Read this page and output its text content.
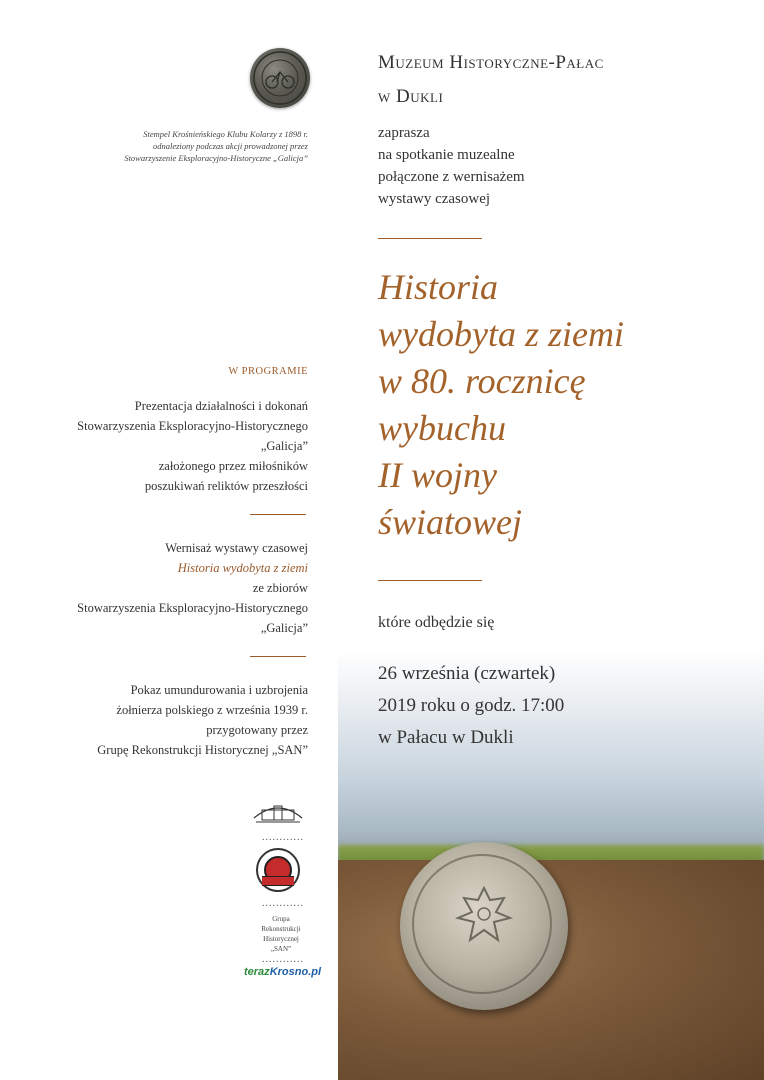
Stempel Krośnieńskiego Klubu Kolarzy z 1898 r.
odnaleziony podczas akcji prowadzonej przez
Stowarzyszenie Eksploracyjno-Historyczne „Galicja”
W PROGRAMIE
Prezentacja działalności i dokonań
Stowarzyszenia Eksploracyjno-Historycznego
„Galicja”
założonego przez miłośników
poszukiwań reliktów przeszłości
Wernisaż wystawy czasowej
Historia wydobyta z ziemi
ze zbiorów
Stowarzyszenia Eksploracyjno-Historycznego
„Galicja”
Pokaz umundurowania i uzbrojenia
żołnierza polskiego z września 1939 r.
przygotowany przez
Grupę Rekonstrukcji Historycznej „SAN”
............
............
Grupa
Rekonstrukcji
Historycznej
„SAN”
............
terazKrosno.pl
Muzeum Historyczne-Pałac
w Dukli
zaprasza
na spotkanie muzealne
połączone z wernisażem
wystawy czasowej
Historia
wydobyta z ziemi
w 80. rocznicę
wybuchu
II wojny
światowej
które odbędzie się
26 września (czwartek)
2019 roku o godz. 17:00
w Pałacu w Dukli
